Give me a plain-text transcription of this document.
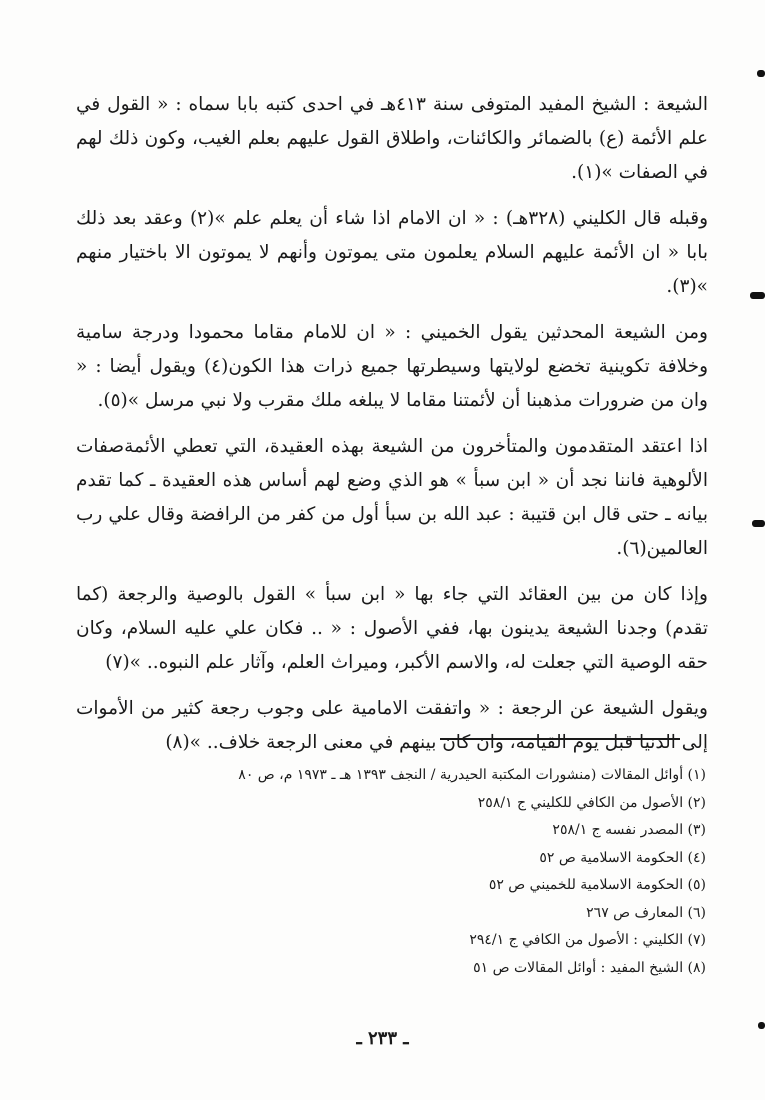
الشيعة : الشيخ المفيد المتوفى سنة ٤١٣هـ في احدى كتبه بابا سماه : « القول في علم الأئمة (ع) بالضمائر والكائنات، واطلاق القول عليهم بعلم الغيب، وكون ذلك لهم في الصفات »(١).

وقبله قال الكليني (٣٢٨هـ) : « ان الامام اذا شاء أن يعلم علم »(٢) وعقد بعد ذلك بابا « ان الأئمة عليهم السلام يعلمون متى يموتون وأنهم لا يموتون الا باختيار منهم »(٣).

ومن الشيعة المحدثين يقول الخميني : « ان للامام مقاما محمودا ودرجة سامية وخلافة تكوينية تخضع لولايتها وسيطرتها جميع ذرات هذا الكون(٤) ويقول أيضا : « وان من ضرورات مذهبنا أن لأئمتنا مقاما لا يبلغه ملك مقرب ولا نبي مرسل »(٥).

اذا اعتقد المتقدمون والمتأخرون من الشيعة بهذه العقيدة، التي تعطي الأئمةصفات الألوهية فاننا نجد أن « ابن سبأ » هو الذي وضع لهم أساس هذه العقيدة ـ كما تقدم بيانه ـ حتى قال ابن قتيبة : عبد الله بن سبأ أول من كفر من الرافضة وقال علي رب العالمين(٦).

وإذا كان من بين العقائد التي جاء بها « ابن سبأ » القول بالوصية والرجعة (كما تقدم) وجدنا الشيعة يدينون بها، ففي الأصول : « .. فكان علي عليه السلام، وكان حقه الوصية التي جعلت له، والاسم الأكبر، وميراث العلم، وآثار علم النبوه.. »(٧)

ويقول الشيعة عن الرجعة : « واتفقت الامامية على وجوب رجعة كثير من الأموات إلى الدنيا قبل يوم القيامة، وان كان بينهم في معنى الرجعة خلاف.. »(٨)

(١) أوائل المقالات (منشورات المكتبة الحيدرية / النجف ١٣٩٣ هـ ـ ١٩٧٣ م، ص ٨٠

(٢) الأصول من الكافي للكليني ج ٢٥٨/١

(٣) المصدر نفسه ج ٢٥٨/١

(٤) الحكومة الاسلامية ص ٥٢

(٥) الحكومة الاسلامية للخميني ص ٥٢

(٦) المعارف ص ٢٦٧

(٧) الكليني : الأصول من الكافي ج ٢٩٤/١

(٨) الشيخ المفيد : أوائل المقالات ص ٥١

ـ ٢٣٣ ـ
